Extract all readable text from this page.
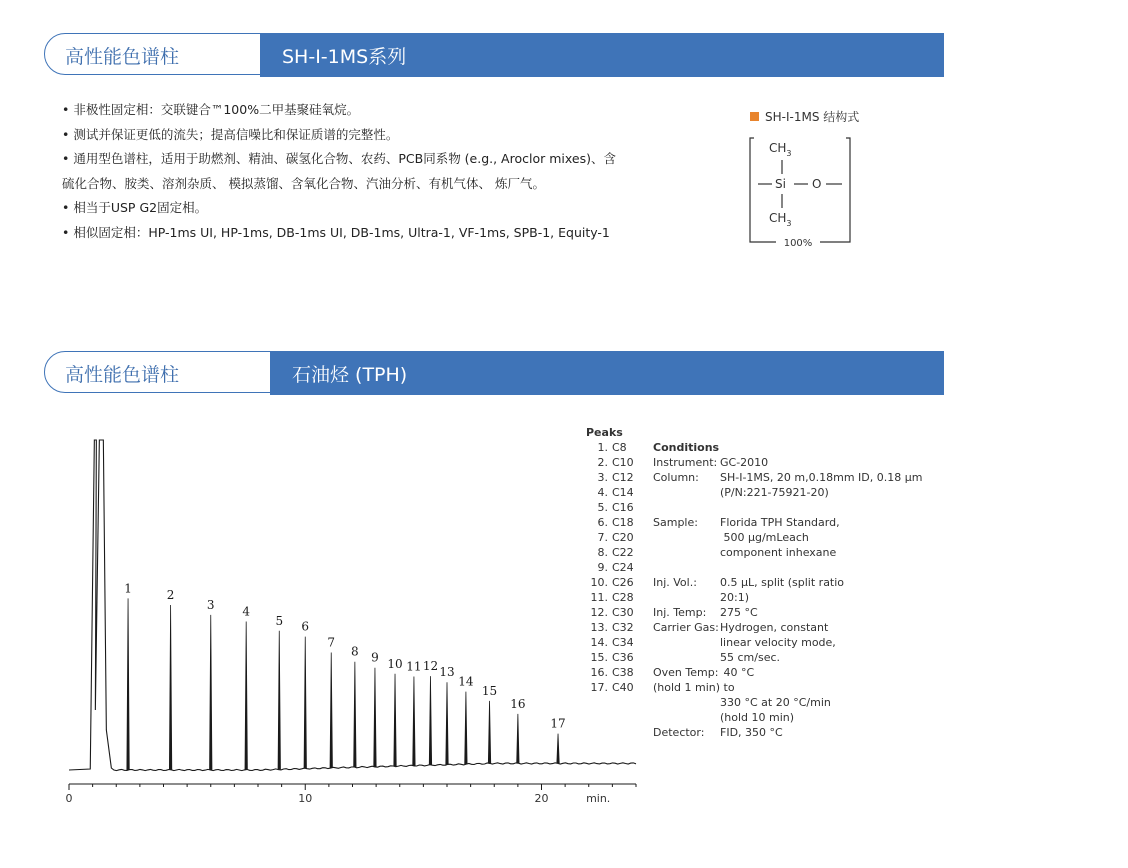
高性能色谱柱	SH-I-1MS系列
• 非极性固定相：交联键合™100%二甲基聚硅氧烷。
• 测试并保证更低的流失；提高信噪比和保证质谱的完整性。
• 通用型色谱柱，适用于助燃剂、精油、碳氢化合物、农药、PCB同系物 (e.g., Aroclor mixes)、含
硫化合物、胺类、溶剂杂质、 模拟蒸馏、含氧化合物、汽油分析、有机气体、 炼厂气。
• 相当于USP G2固定相。
• 相似固定相：HP-1ms UI, HP-1ms, DB-1ms UI, DB-1ms, Ultra-1, VF-1ms, SPB-1, Equity-1
SH-I-1MS 结构式
$CH_3$
Si O
$CH_3$
100%
高性能色谱柱	石油烃 (TPH)
1	2
3 4
5 6
7
8 9 10 11 12 13
14
15
16
17
0	10	20	min.
Peaks
1. C8
2. C10
3. C12
4. C14
5. C16
6. C18
7. C20
8. C22
9. C24
10. C26
11. C28
12. C30
13. C32
14. C34
15. C36
16. C38
17. C40
Conditions
Instrument: GC-2010
Column: SH-I-1MS, 20 m,0.18mm ID, 0.18 μm
(P/N:221-75921-20)

Sample: Florida TPH Standard,
500 μg/mLeach
component inhexane

Inj. Vol.: 0.5 μL, split (split ratio
20:1)
Inj. Temp: 275 °C
Carrier Gas:Hydrogen, constant
linear velocity mode,
55 cm/sec.
Oven Temp: 40 °C
(hold 1 min) to
330 °C at 20 °C/min
(hold 10 min)
Detector: FID, 350 °C
